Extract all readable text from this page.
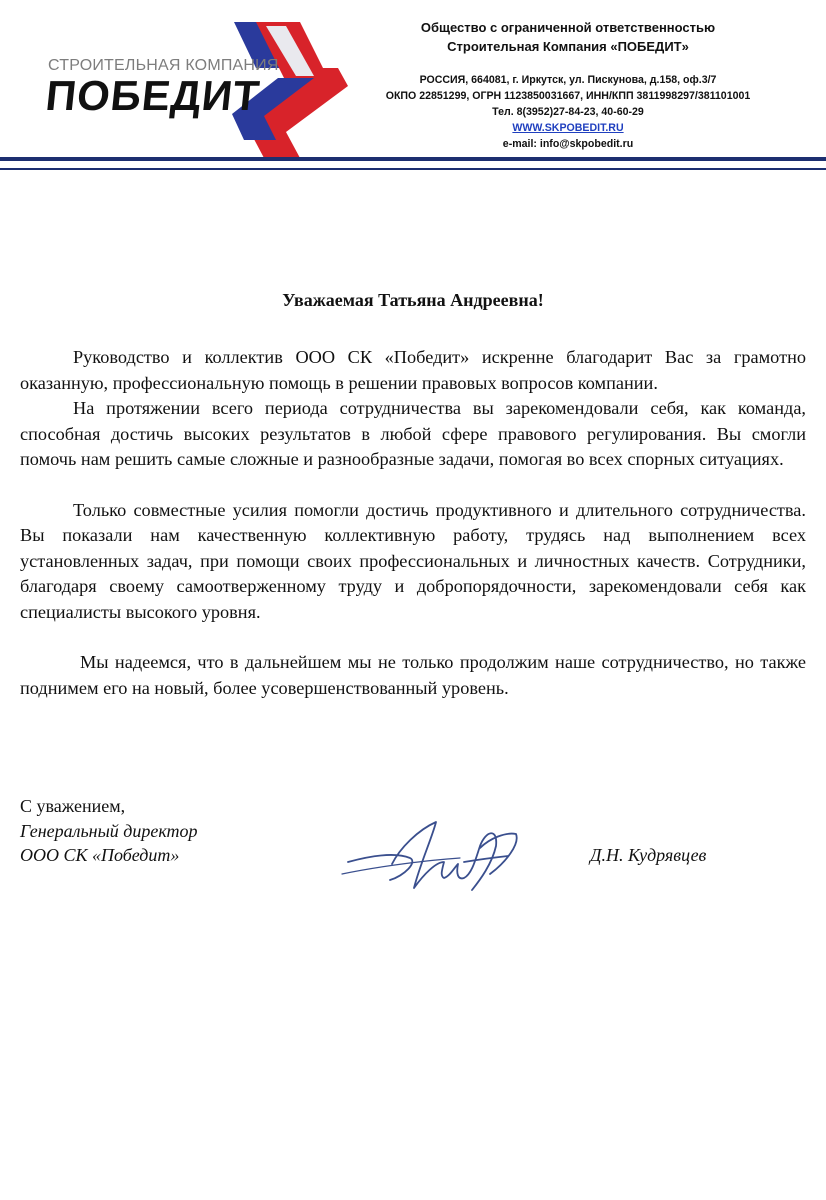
СТРОИТЕЛЬНАЯ КОМПАНИЯ
ПОБЕДИТ
Общество с ограниченной ответственностью
Строительная Компания «ПОБЕДИТ»
РОССИЯ, 664081, г. Иркутск, ул. Пискунова, д.158, оф.3/7
ОКПО 22851299, ОГРН 1123850031667, ИНН/КПП 3811998297/381101001
Тел. 8(3952)27-84-23, 40-60-29
WWW.SKPOBEDIT.RU
e-mail: info@skpobedit.ru
Уважаемая Татьяна Андреевна!

Руководство и коллектив ООО СК «Победит» искренне благодарит Вас за грамотно оказанную, профессиональную помощь в решении правовых вопросов компании.

На протяжении всего периода сотрудничества вы зарекомендовали себя, как команда, способная достичь высоких результатов в любой сфере правового регулирования. Вы смогли помочь нам решить самые сложные и разнообразные задачи, помогая во всех спорных ситуациях.

Только совместные усилия помогли достичь продуктивного и длительного сотрудничества. Вы показали нам качественную коллективную работу, трудясь над выполнением всех установленных задач, при помощи своих профессиональных и личностных качеств. Сотрудники, благодаря своему самоотверженному труду и добропорядочности, зарекомендовали себя как специалисты высокого уровня.

Мы надеемся, что в дальнейшем мы не только продолжим наше сотрудничество, но также поднимем его на новый, более усовершенствованный уровень.

С уважением,
Генеральный директор
ООО СК «Победит»	Д.Н. Кудрявцев
